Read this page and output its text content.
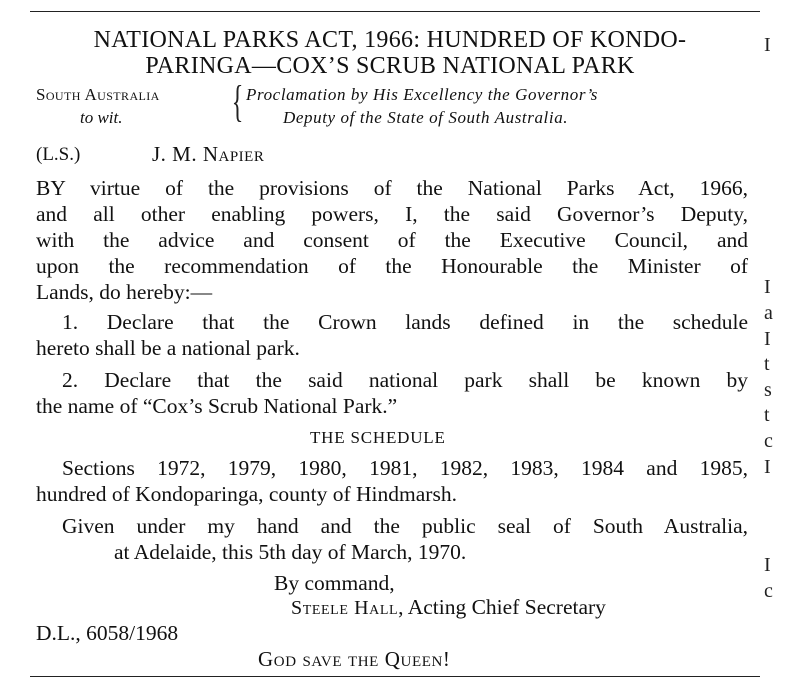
NATIONAL PARKS ACT, 1966: HUNDRED OF KONDO-
PARINGA—COX’S SCRUB NATIONAL PARK
South Australia
to wit. { Proclamation by His Excellency the Governor’s
Deputy of the State of South Australia.
(L.S.)	J. M. Napier
BY virtue of the provisions of the National Parks Act, 1966,
and all other enabling powers, I, the said Governor’s Deputy,
with the advice and consent of the Executive Council, and
upon the recommendation of the Honourable the Minister of
Lands, do hereby:—
1. Declare that the Crown lands defined in the schedule
hereto shall be a national park.
2. Declare that the said national park shall be known by
the name of “Cox’s Scrub National Park.”
THE SCHEDULE
Sections 1972, 1979, 1980, 1981, 1982, 1983, 1984 and 1985,
hundred of Kondoparinga, county of Hindmarsh.
Given under my hand and the public seal of South Australia,
at Adelaide, this 5th day of March, 1970.
By command,
Steele Hall, Acting Chief Secretary
D.L., 6058/1968
God save the Queen!
I
I
a
I
t
s
t
c
I
I
c
